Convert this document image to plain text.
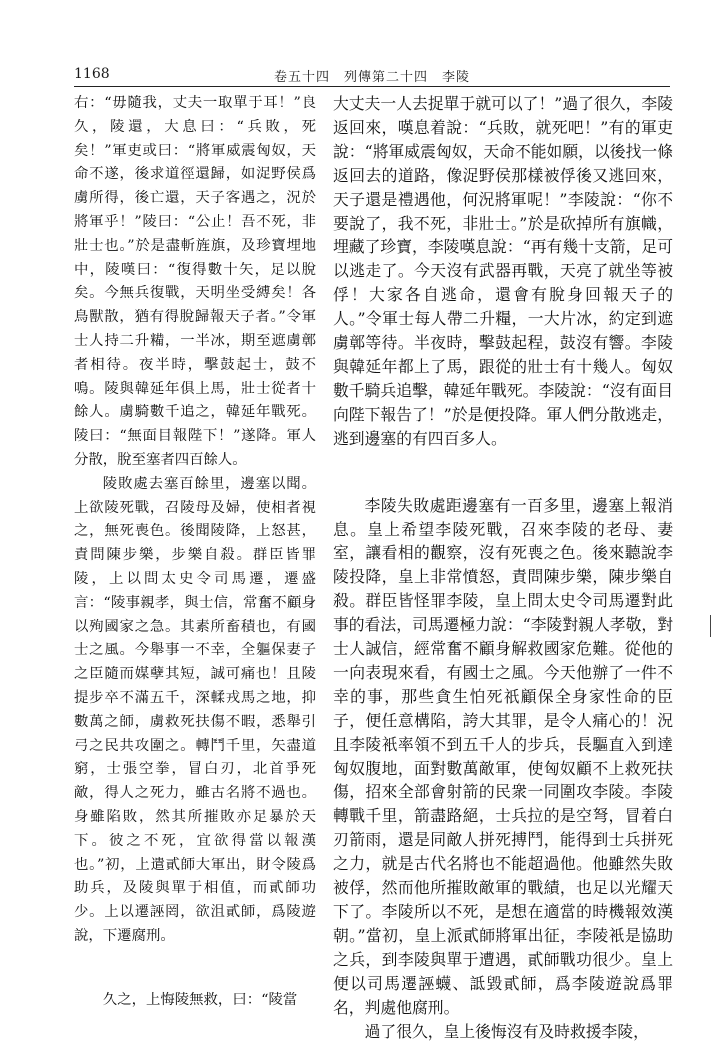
1168	卷五十四　列傳第二十四　李陵

右：“毋隨我，丈夫一取單于耳！”良久，陵還，大息曰：“兵敗，死矣！”軍吏或曰：“將軍威震匈奴，天命不遂，後求道徑還歸，如浞野侯爲虜所得，後亡還，天子客遇之，況於將軍乎！”陵曰：“公止！吾不死，非壯士也。”於是盡斬旌旗，及珍寶埋地中，陵嘆曰：“復得數十矢，足以脫矣。今無兵復戰，天明坐受縛矣！各鳥獸散，猶有得脫歸報天子者。”令軍士人持二升糒，一半冰，期至遮虜鄣者相待。夜半時，擊鼓起士，鼓不鳴。陵與韓延年俱上馬，壯士從者十餘人。虜騎數千追之，韓延年戰死。陵曰：“無面目報陛下！”遂降。軍人分散，脫至塞者四百餘人。

陵敗處去塞百餘里，邊塞以聞。上欲陵死戰，召陵母及婦，使相者視之，無死喪色。後聞陵降，上怒甚，責問陳步樂，步樂自殺。群臣皆罪陵，上以問太史令司馬遷，遷盛言：“陵事親孝，與士信，常奮不顧身以殉國家之急。其素所畜積也，有國士之風。今舉事一不幸，全軀保妻子之臣隨而媒孽其短，誠可痛也！且陵提步卒不滿五千，深輮戎馬之地，抑數萬之師，虜救死扶傷不暇，悉舉引弓之民共攻圍之。轉鬥千里，矢盡道窮，士張空拳，冒白刃，北首爭死敵，得人之死力，雖古名將不過也。身雖陷敗，然其所摧敗亦足暴於天下。彼之不死，宜欲得當以報漢也。”初，上遣貳師大軍出，財令陵爲助兵，及陵與單于相值，而貳師功少。上以遷誣罔，欲沮貳師，爲陵遊說，下遷腐刑。

久之，上悔陵無救，曰：“陵當

大丈夫一人去捉單于就可以了！”過了很久，李陵返回來，嘆息着說：“兵敗，就死吧！”有的軍吏說：“將軍威震匈奴，天命不能如願，以後找一條返回去的道路，像浞野侯那樣被俘後又逃回來，天子還是禮遇他，何況將軍呢！”李陵說：“你不要說了，我不死，非壯士。”於是砍掉所有旗幟，埋藏了珍寶，李陵嘆息說：“再有幾十支箭，足可以逃走了。今天沒有武器再戰，天亮了就坐等被俘！大家各自逃命，還會有脫身回報天子的人。”令軍士每人帶二升糧，一大片冰，約定到遮虜鄣等待。半夜時，擊鼓起程，鼓沒有響。李陵與韓延年都上了馬，跟從的壯士有十幾人。匈奴數千騎兵追擊，韓延年戰死。李陵說：“沒有面目向陛下報告了！”於是便投降。軍人們分散逃走，逃到邊塞的有四百多人。

李陵失敗處距邊塞有一百多里，邊塞上報消息。皇上希望李陵死戰，召來李陵的老母、妻室，讓看相的觀察，沒有死喪之色。後來聽說李陵投降，皇上非常憤怒，責問陳步樂，陳步樂自殺。群臣皆怪罪李陵，皇上問太史令司馬遷對此事的看法，司馬遷極力說：“李陵對親人孝敬，對士人誠信，經常奮不顧身解救國家危難。從他的一向表現來看，有國士之風。今天他辦了一件不幸的事，那些貪生怕死祇顧保全身家性命的臣子，便任意構陷，誇大其罪，是令人痛心的！況且李陵衹率領不到五千人的步兵，長驅直入到達匈奴腹地，面對數萬敵軍，使匈奴顧不上救死扶傷，招來全部會射箭的民衆一同圍攻李陵。李陵轉戰千里，箭盡路絕，士兵拉的是空弩，冒着白刃箭雨，還是同敵人拼死搏鬥，能得到士兵拼死之力，就是古代名將也不能超過他。他雖然失敗被俘，然而他所摧敗敵軍的戰績，也足以光耀天下了。李陵所以不死，是想在適當的時機報效漢朝。”當初，皇上派貳師將軍出征，李陵衹是協助之兵，到李陵與單于遭遇，貳師戰功很少。皇上便以司馬遷誣蠛、詆毀貳師，爲李陵遊說爲罪名，判處他腐刑。

過了很久，皇上後悔沒有及時救援李陵，
